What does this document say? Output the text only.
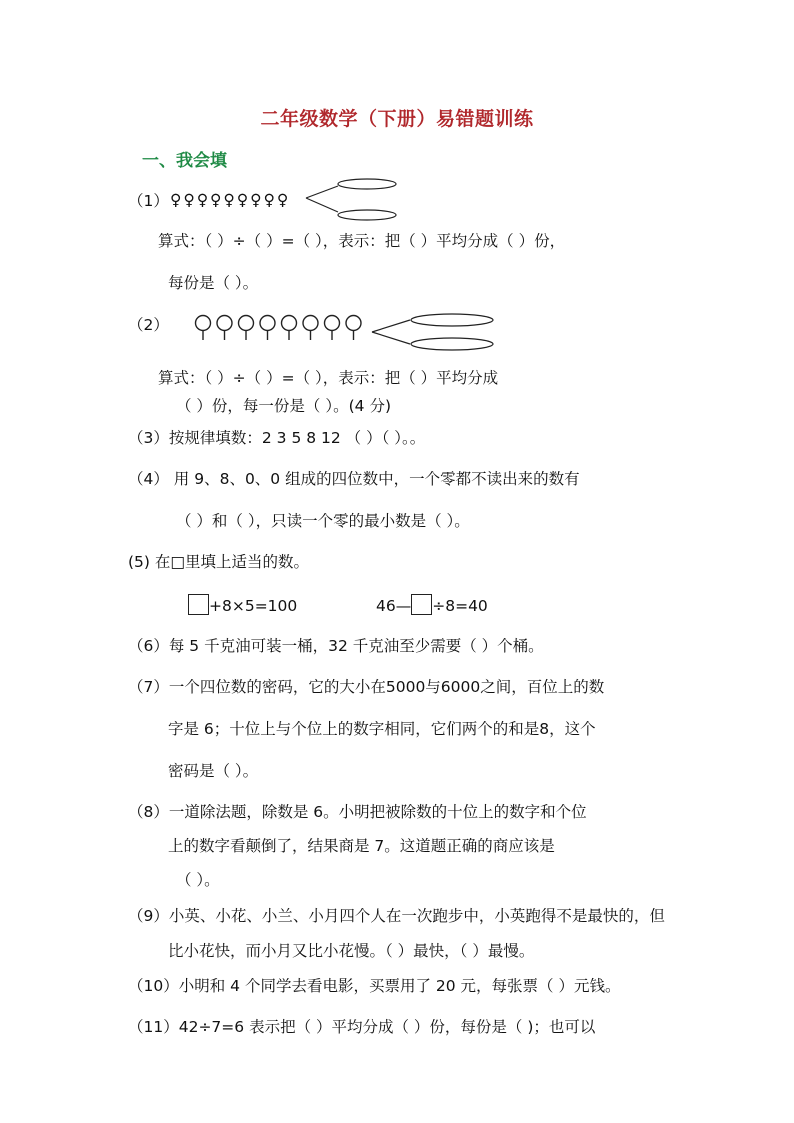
二年级数学（下册）易错题训练
一、我会填
（1） ♀♀♀♀♀♀♀♀♀
算式：（ ）÷（ ）=（ ），表示：把（ ）平均分成（ ）份，
每份是（ ）。
（2）
算式：（ ）÷（ ）=（ ），表示：把（ ）平均分成
（ ）份，每一份是（ ）。(4 分)
（3）按规律填数：2 3 5 8 12 （ ）（ ）。。
（4） 用 9、8、0、0 组成的四位数中，一个零都不读出来的数有
（ ）和（ ），只读一个零的最小数是（ ）。
(5) 在□里填上适当的数。
+8×5=100	46— ÷8=40
（6）每 5 千克油可装一桶，32 千克油至少需要（ ）个桶。
（7）一个四位数的密码，它的大小在5000与6000之间，百位上的数
字是 6；十位上与个位上的数字相同，它们两个的和是8，这个
密码是（ ）。
（8）一道除法题，除数是 6。小明把被除数的十位上的数字和个位
上的数字看颠倒了，结果商是 7。这道题正确的商应该是
（ ）。
（9）小英、小花、小兰、小月四个人在一次跑步中，小英跑得不是最快的，但
比小花快，而小月又比小花慢。（ ）最快，（ ）最慢。
（10）小明和 4 个同学去看电影，买票用了 20 元，每张票（ ）元钱。
（11）42÷7=6 表示把（ ）平均分成（ ）份，每份是（ )；也可以
